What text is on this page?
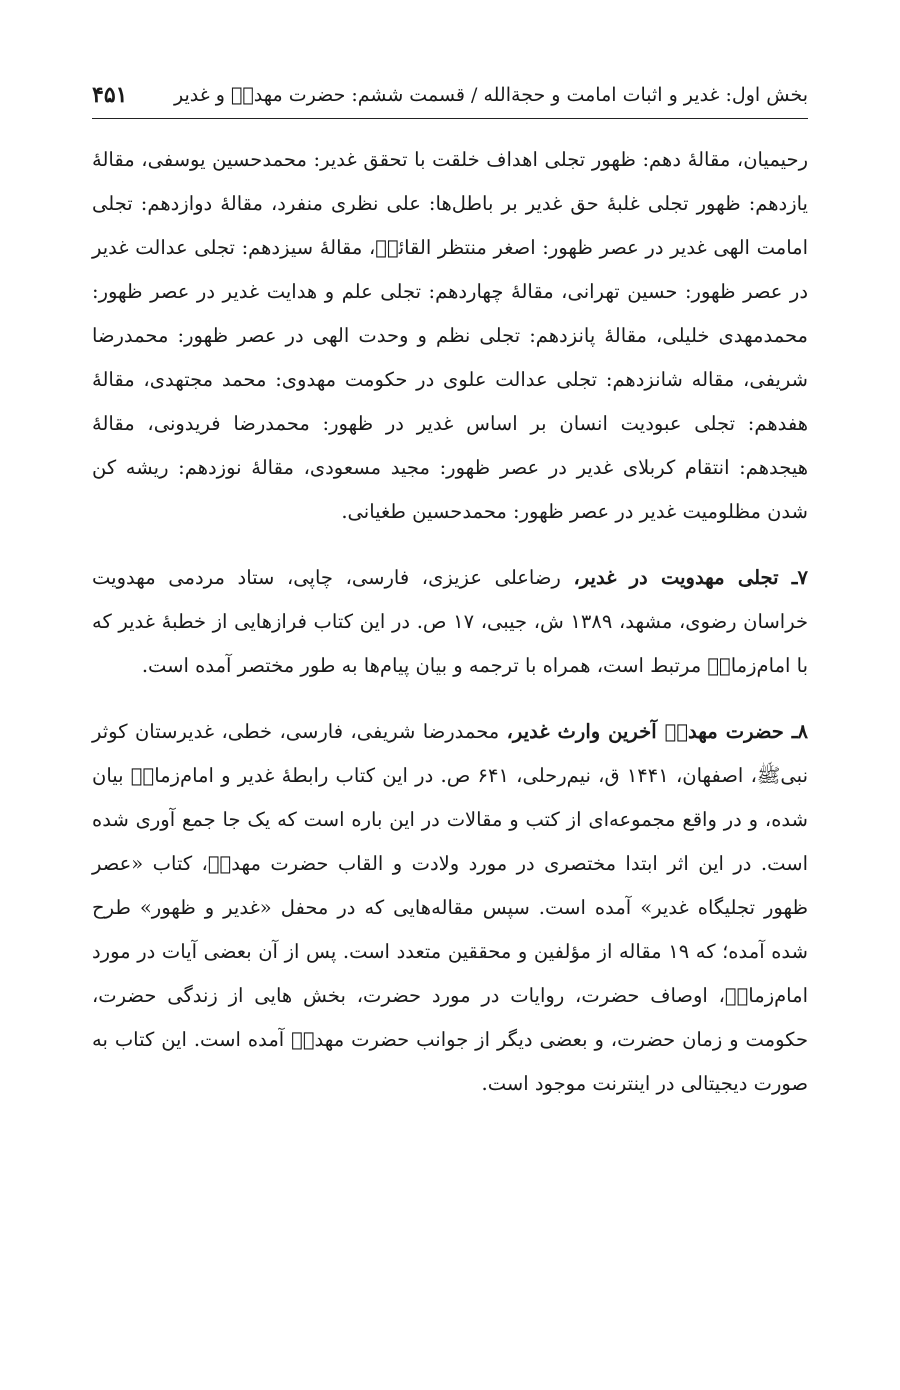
بخش اول: غدیر و اثبات امامت و حجةالله / قسمت ششم: حضرت مهدیؑ و غدیر
۴۵۱

رحیمیان، مقالهٔ دهم: ظهور تجلی اهداف خلقت با تحقق غدیر: محمدحسین یوسفی، مقالهٔ یازدهم: ظهور تجلی غلبهٔ حق غدیر بر باطل‌ها: علی نظری منفرد، مقالهٔ دوازدهم: تجلی امامت الهی غدیر در عصر ظهور: اصغر منتظر القائمؑ، مقالهٔ سیزدهم: تجلی عدالت غدیر در عصر ظهور: حسین تهرانی، مقالهٔ چهاردهم: تجلی علم و هدایت غدیر در عصر ظهور: محمدمهدی خلیلی، مقالهٔ پانزدهم: تجلی نظم و وحدت الهی در عصر ظهور: محمدرضا شریفی، مقاله شانزدهم: تجلی عدالت علوی در حکومت مهدوی: محمد مجتهدی، مقالهٔ هفدهم: تجلی عبودیت انسان بر اساس غدیر در ظهور: محمدرضا فریدونی، مقالهٔ هیجدهم: انتقام کربلای غدیر در عصر ظهور: مجید مسعودی، مقالهٔ نوزدهم: ریشه کن شدن مظلومیت غدیر در عصر ظهور: محمدحسین طغیانی.

۷ـ تجلی مهدویت در غدیر، رضاعلی عزیزی، فارسی، چاپی، ستاد مردمی مهدویت خراسان رضوی، مشهد، ۱۳۸۹ ش، جیبی، ۱۷ ص. در این کتاب فرازهایی از خطبهٔ غدیر که با امام‌زمانؑ مرتبط است، همراه با ترجمه و بیان پیام‌ها به طور مختصر آمده است.

۸ـ حضرت مهدیؑ آخرین وارث غدیر، محمدرضا شریفی، فارسی، خطی، غدیرستان کوثر نبیﷺ، اصفهان، ۱۴۴۱ ق، نیم‌رحلی، ۶۴۱ ص. در این کتاب رابطهٔ غدیر و امام‌زمانؑ بیان شده، و در واقع مجموعه‌ای از کتب و مقالات در این باره است که یک جا جمع آوری شده است. در این اثر ابتدا مختصری در مورد ولادت و القاب حضرت مهدیؑ، کتاب «عصر ظهور تجلیگاه غدیر» آمده است. سپس مقاله‌هایی که در محفل «غدیر و ظهور» طرح شده آمده؛ که ۱۹ مقاله از مؤلفین و محققین متعدد است. پس از آن بعضی آیات در مورد امام‌زمانؑ، اوصاف حضرت، روایات در مورد حضرت، بخش هایی از زندگی حضرت، حکومت و زمان حضرت، و بعضی دیگر از جوانب حضرت مهدیؑ آمده است. این کتاب به صورت دیجیتالی در اینترنت موجود است.
